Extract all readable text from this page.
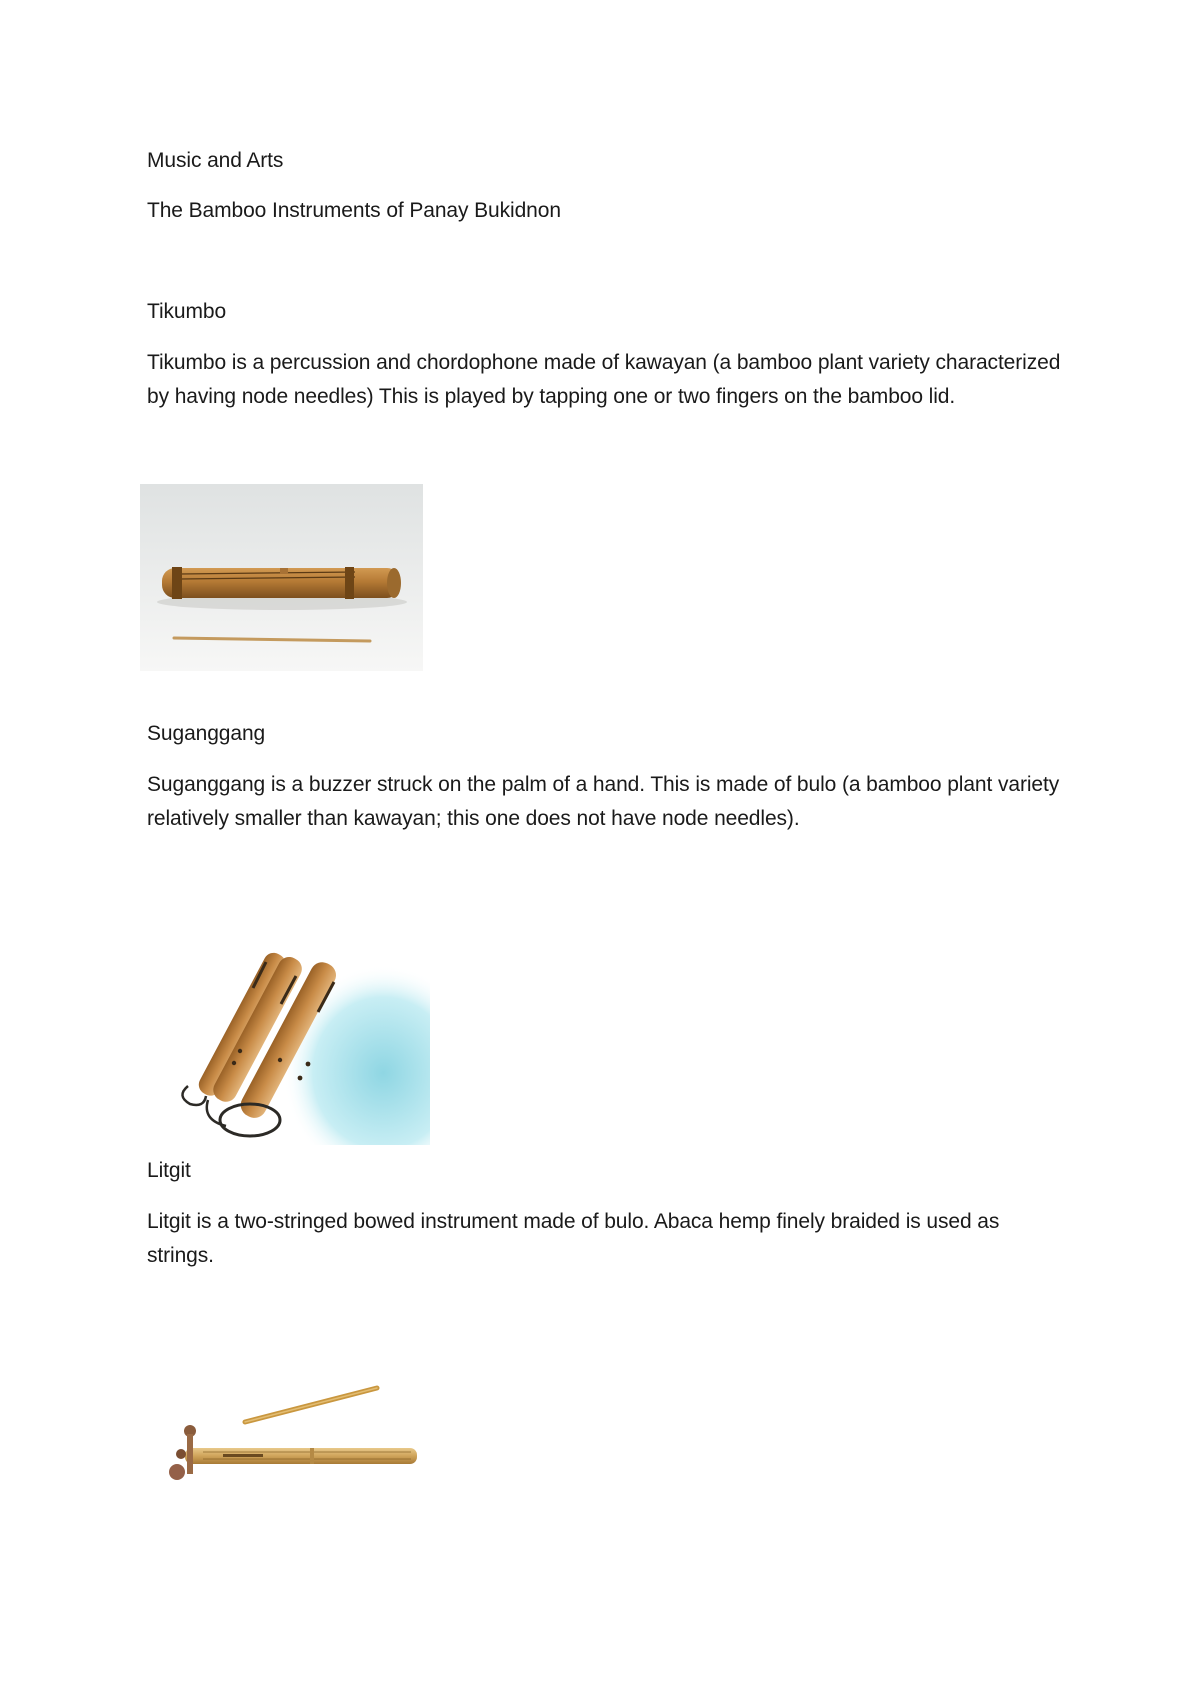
Music and Arts

The Bamboo Instruments of Panay Bukidnon

Tikumbo

Tikumbo is a percussion and chordophone made of kawayan (a bamboo plant variety characterized by having node needles) This is played by tapping one or two fingers on the bamboo lid.

Suganggang

Suganggang is a buzzer struck on the palm of a hand. This is made of bulo (a bamboo plant variety relatively smaller than kawayan; this one does not have node needles).

Litgit

Litgit is a two-stringed bowed instrument made of bulo. Abaca hemp finely braided is used as strings.
